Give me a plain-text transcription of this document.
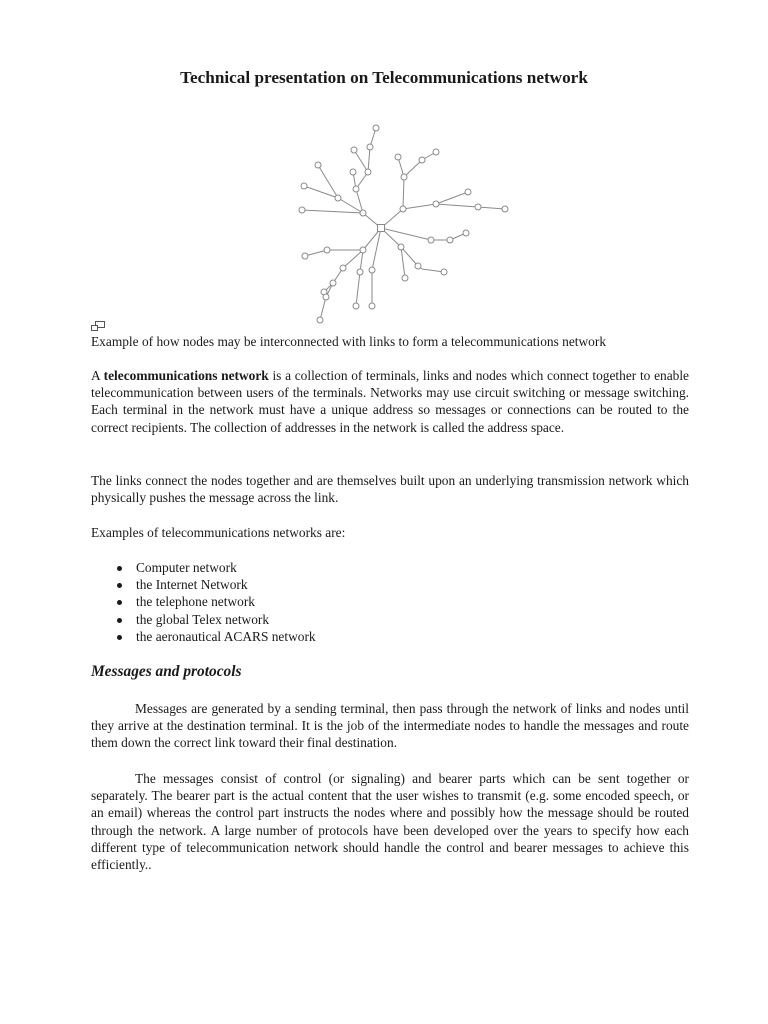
Technical presentation on Telecommunications network

Example of how nodes may be interconnected with links to form a telecommunications network

A telecommunications network is a collection of terminals, links and nodes which connect together to enable telecommunication between users of the terminals. Networks may use circuit switching or message switching. Each terminal in the network must have a unique address so messages or connections can be routed to the correct recipients. The collection of addresses in the network is called the address space.

The links connect the nodes together and are themselves built upon an underlying transmission network which physically pushes the message across the link.

Examples of telecommunications networks are:

Computer network
the Internet Network
the telephone network
the global Telex network
the aeronautical ACARS network
Messages and protocols

Messages are generated by a sending terminal, then pass through the network of links and nodes until they arrive at the destination terminal. It is the job of the intermediate nodes to handle the messages and route them down the correct link toward their final destination.

The messages consist of control (or signaling) and bearer parts which can be sent together or separately. The bearer part is the actual content that the user wishes to transmit (e.g. some encoded speech, or an email) whereas the control part instructs the nodes where and possibly how the message should be routed through the network. A large number of protocols have been developed over the years to specify how each different type of telecommunication network should handle the control and bearer messages to achieve this efficiently..
